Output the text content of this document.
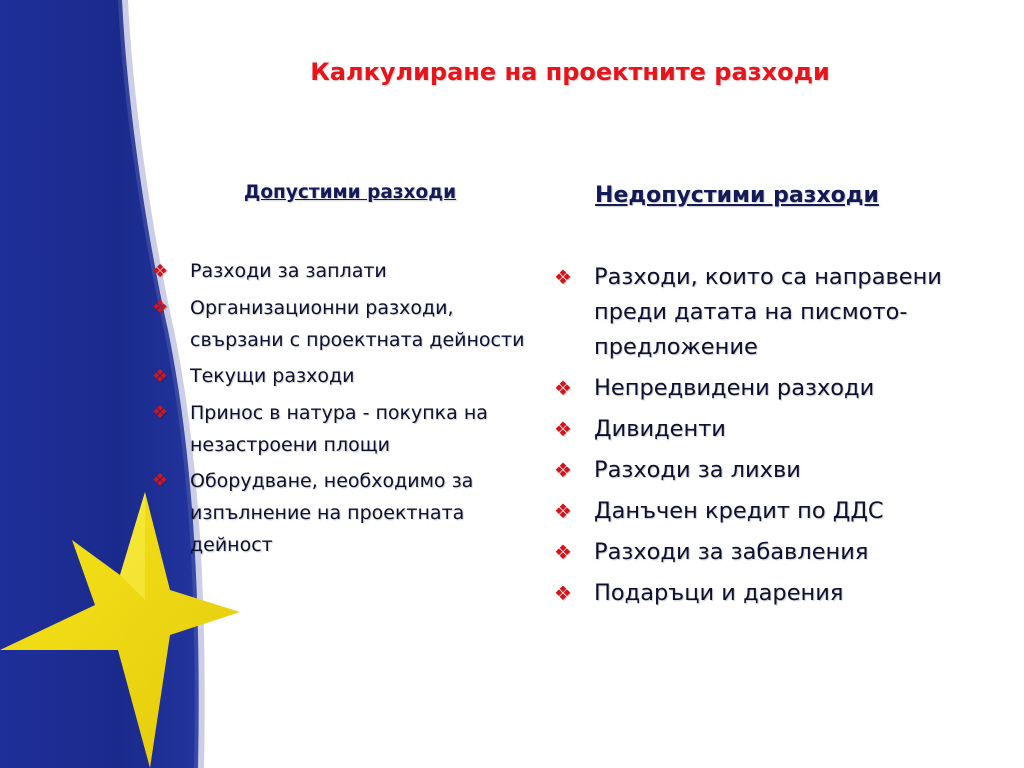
Калкулиране на проектните разходи
Допустими разходи
❖ Разходи за заплати
❖ Организационни разходи, свързани с проектната дейности
❖ Текущи разходи
❖ Принос в натура - покупка на незастроени площи
❖ Оборудване, необходимо за изпълнение на проектната дейност
Недопустими разходи
❖ Разходи, които са направени преди датата на писмото-предложение
❖ Непредвидени разходи
❖ Дивиденти
❖ Разходи за лихви
❖ Данъчен кредит по ДДС
❖ Разходи за забавления
❖ Подаръци и дарения
